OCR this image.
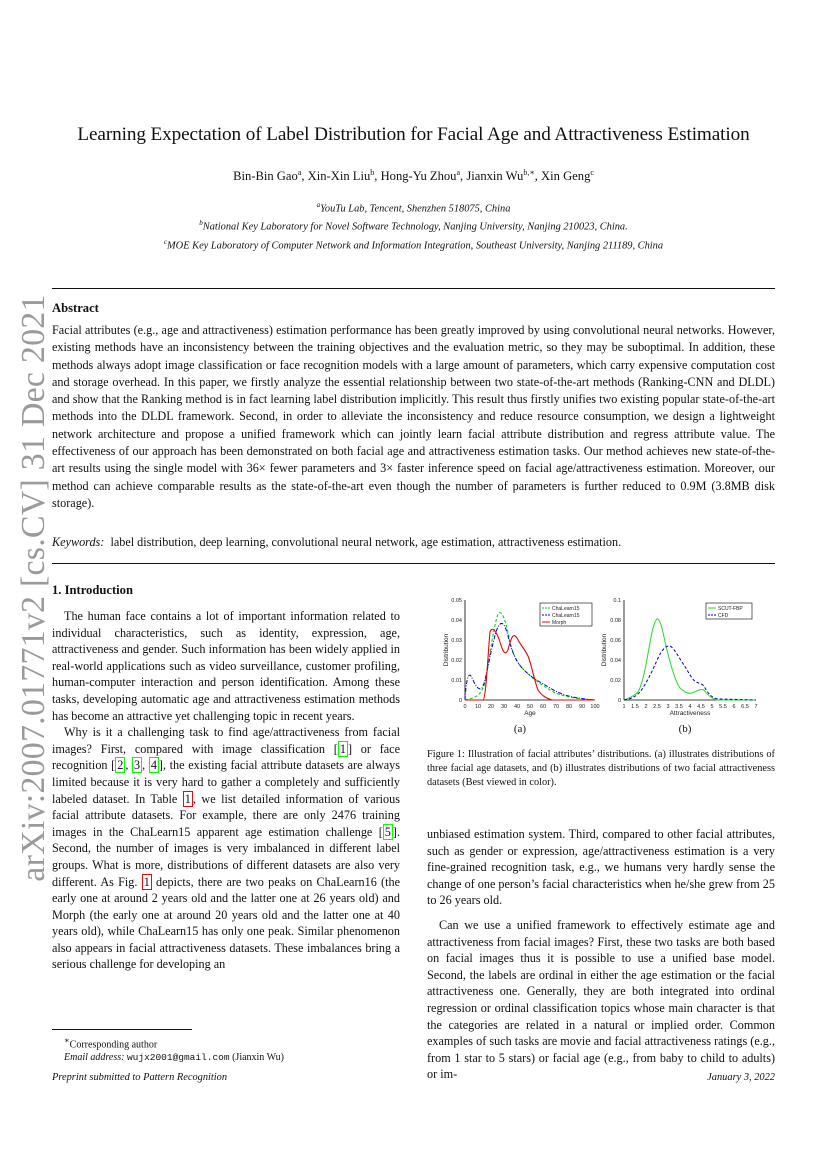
arXiv:2007.01771v2 [cs.CV] 31 Dec 2021
Learning Expectation of Label Distribution for Facial Age and Attractiveness Estimation
Bin-Bin Gao$^a$, Xin-Xin Liu$^b$, Hong-Yu Zhou$^a$, Jianxin $Wu^{b,∗}$, Xin Geng$^c$
$^a$YouTu Lab, Tencent, Shenzhen 518075, China
$^b$National Key Laboratory for Novel Software Technology, Nanjing University, Nanjing 210023, China.
$^c$MOE Key Laboratory of Computer Network and Information Integration, Southeast University, Nanjing 211189, China
Abstract
Facial attributes (e.g., age and attractiveness) estimation performance has been greatly improved by using convolutional neural networks. However, existing methods have an inconsistency between the training objectives and the evaluation metric, so they may be suboptimal. In addition, these methods always adopt image classification or face recognition models with a large amount of parameters, which carry expensive computation cost and storage overhead. In this paper, we firstly analyze the essential relationship between two state-of-the-art methods (Ranking-CNN and DLDL) and show that the Ranking method is in fact learning label distribution implicitly. This result thus firstly unifies two existing popular state-of-the-art methods into the DLDL framework. Second, in order to alleviate the inconsistency and reduce resource consumption, we design a lightweight network architecture and propose a unified framework which can jointly learn facial attribute distribution and regress attribute value. The effectiveness of our approach has been demonstrated on both facial age and attractiveness estimation tasks. Our method achieves new state-of-the-art results using the single model with 36× fewer parameters and 3× faster inference speed on facial age/attractiveness estimation. Moreover, our method can achieve comparable results as the state-of-the-art even though the number of parameters is further reduced to 0.9M (3.8MB disk storage).
Keywords: label distribution, deep learning, convolutional neural network, age estimation, attractiveness estimation.
1. Introduction

The human face contains a lot of important information related to individual characteristics, such as identity, expression, age, attractiveness and gender. Such information has been widely applied in real-world applications such as video surveillance, customer profiling, human-computer interaction and person identification. Among these tasks, developing automatic age and attractiveness estimation methods has become an attractive yet challenging topic in recent years.

Why is it a challenging task to find age/attractiveness from facial images? First, compared with image classification [ 1 ] or face recognition [ 2 , 3 , 4 ], the existing facial attribute datasets are always limited because it is very hard to gather a completely and sufficiently labeled dataset. In Table 1 , we list detailed information of various facial attribute datasets. For example, there are only 2476 training images in the ChaLearn15 apparent age estimation challenge [ 5 ]. Second, the number of images is very imbalanced in different label groups. What is more, distributions of different datasets are also very different. As Fig. 1 depicts, there are two peaks on ChaLearn16 (the early one at around 2 years old and the latter one at 26 years old) and Morph (the early one at around 20 years old and the latter one at 40 years old), while ChaLearn15 has only one peak. Similar phenomenon also appears in facial attractiveness datasets. These imbalances bring a serious challenge for developing an

0
0.01
0.02
0.03
0.04
0.05
0 10 20 30 40 50 60 70 80 90 100
Age
Distribution
ChaLearn15
ChaLearn15
Morph
(a)
0
0.02
0.04
0.06
0.08
0.1
1 1.5 2 2.5 3 3.5 4 4.5 5 5.5 6 6.5 7
Attractiveness
Distribution
SCUT-FBP
CFD
(b)
Figure 1: Illustration of facial attributes’ distributions. (a) illustrates distributions of three facial age datasets, and (b) illustrates distributions of two facial attractiveness datasets (Best viewed in color).

unbiased estimation system. Third, compared to other facial attributes, such as gender or expression, age/attractiveness estimation is a very fine-grained recognition task, e.g., we humans very hardly sense the change of one person’s facial characteristics when he/she grew from 25 to 26 years old.

Can we use a unified framework to effectively estimate age and attractiveness from facial images? First, these two tasks are both based on facial images thus it is possible to use a unified base model. Second, the labels are ordinal in either the age estimation or the facial attractiveness one. Generally, they are both integrated into ordinal regression or ordinal classification topics whose main character is that the categories are related in a natural or implied order. Common examples of such tasks are movie and facial attractiveness ratings (e.g., from 1 star to 5 stars) or facial age (e.g., from baby to child to adults) or im-

∗Corresponding author
Email address: wujx2001@gmail.com (Jianxin Wu)
Preprint submitted to Pattern Recognition	January 3, 2022
